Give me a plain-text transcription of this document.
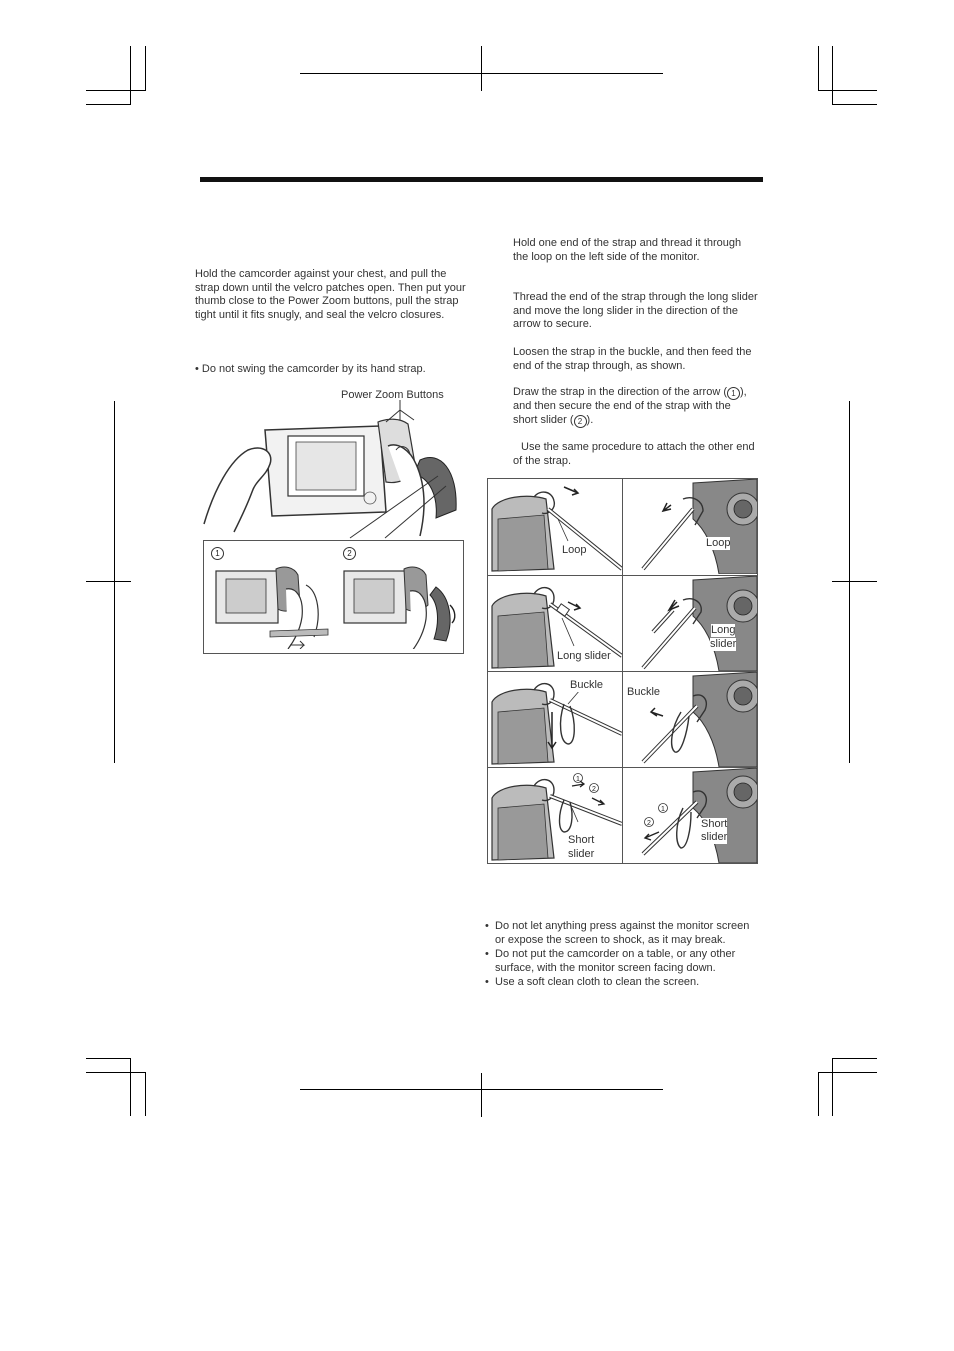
Hold the camcorder against your chest, and pull the strap down until the velcro patches open. Then put your thumb close to the Power Zoom buttons, pull the strap tight until it fits snugly, and seal the velcro closures.
• Do not swing the camcorder by its hand strap.
Power Zoom Buttons
1	2
Hold one end of the strap and thread it through the loop on the left side of the monitor.
Thread the end of the strap through the long slider and move the long slider in the direction of the arrow to secure.
Loosen the strap in the buckle, and then feed the end of the strap through, as shown.
Draw the strap in the direction of the arrow ( 1 ), and then secure the end of the strap with the short slider ( 2 ).
Use the same procedure to attach the other end of the strap.
Loop
Loop
Long slider
Long
slider
Buckle
Buckle
1
2
Short
slider
1
2	Short
slider
• Do not let anything press against the monitor screen or expose the screen to shock, as it may break.
• Do not put the camcorder on a table, or any other surface, with the monitor screen facing down.
• Use a soft clean cloth to clean the screen.
